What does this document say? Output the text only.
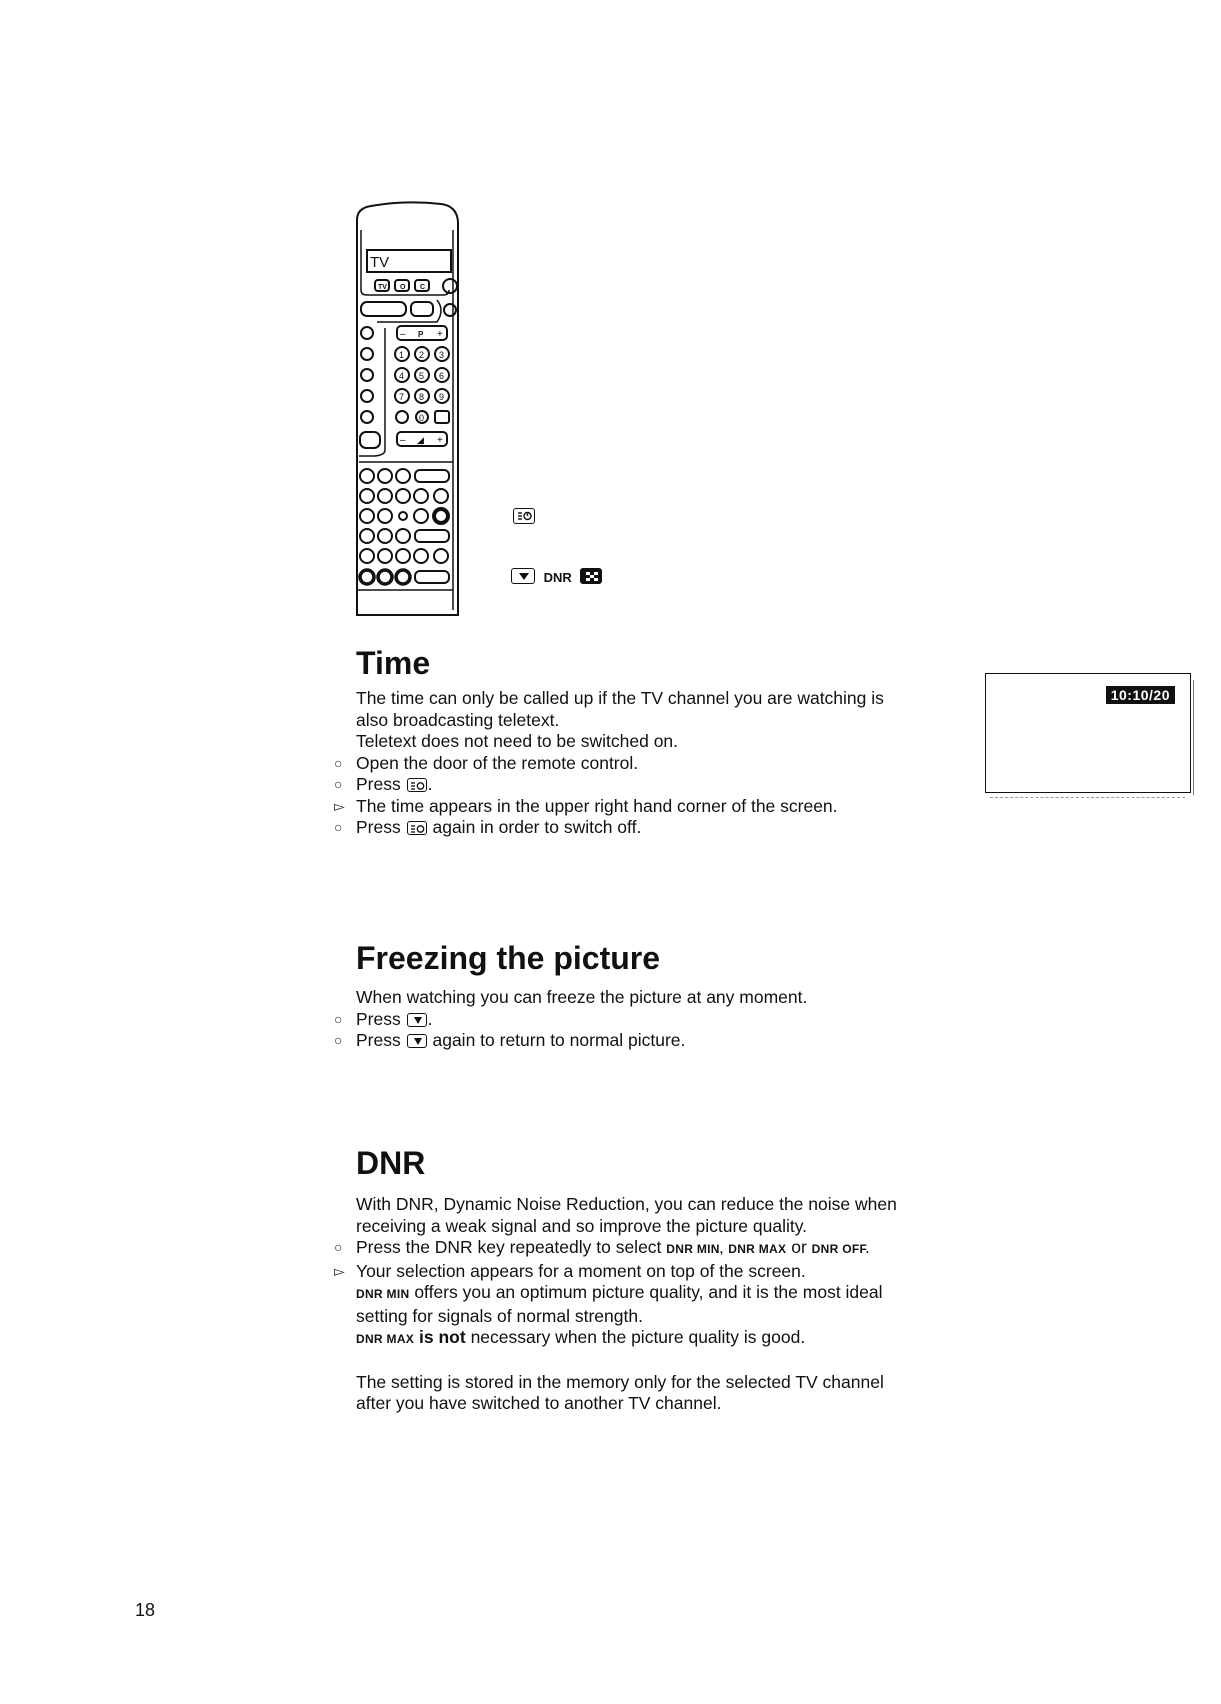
TV
TV O C
– P +
1 2 3
4 5 6
7 8 9
0
– ◢ +
DNR
10:10/20
Time
The time can only be called up if the TV channel you are watching is
also broadcasting teletext.
Teletext does not need to be switched on.
○ Open the door of the remote control.
○ Press .
▻ The time appears in the upper right hand corner of the screen.
○ Press again in order to switch off.
Freezing the picture
When watching you can freeze the picture at any moment.
○ Press .
○ Press again to return to normal picture.
DNR
With DNR, Dynamic Noise Reduction, you can reduce the noise when
receiving a weak signal and so improve the picture quality.
○ Press the DNR key repeatedly to select DNR MIN, DNR MAX or DNR OFF.
▻ Your selection appears for a moment on top of the screen.
DNR MIN offers you an optimum picture quality, and it is the most ideal
setting for signals of normal strength.
DNR MAX is not necessary when the picture quality is good.
The setting is stored in the memory only for the selected TV channel
after you have switched to another TV channel.
18
